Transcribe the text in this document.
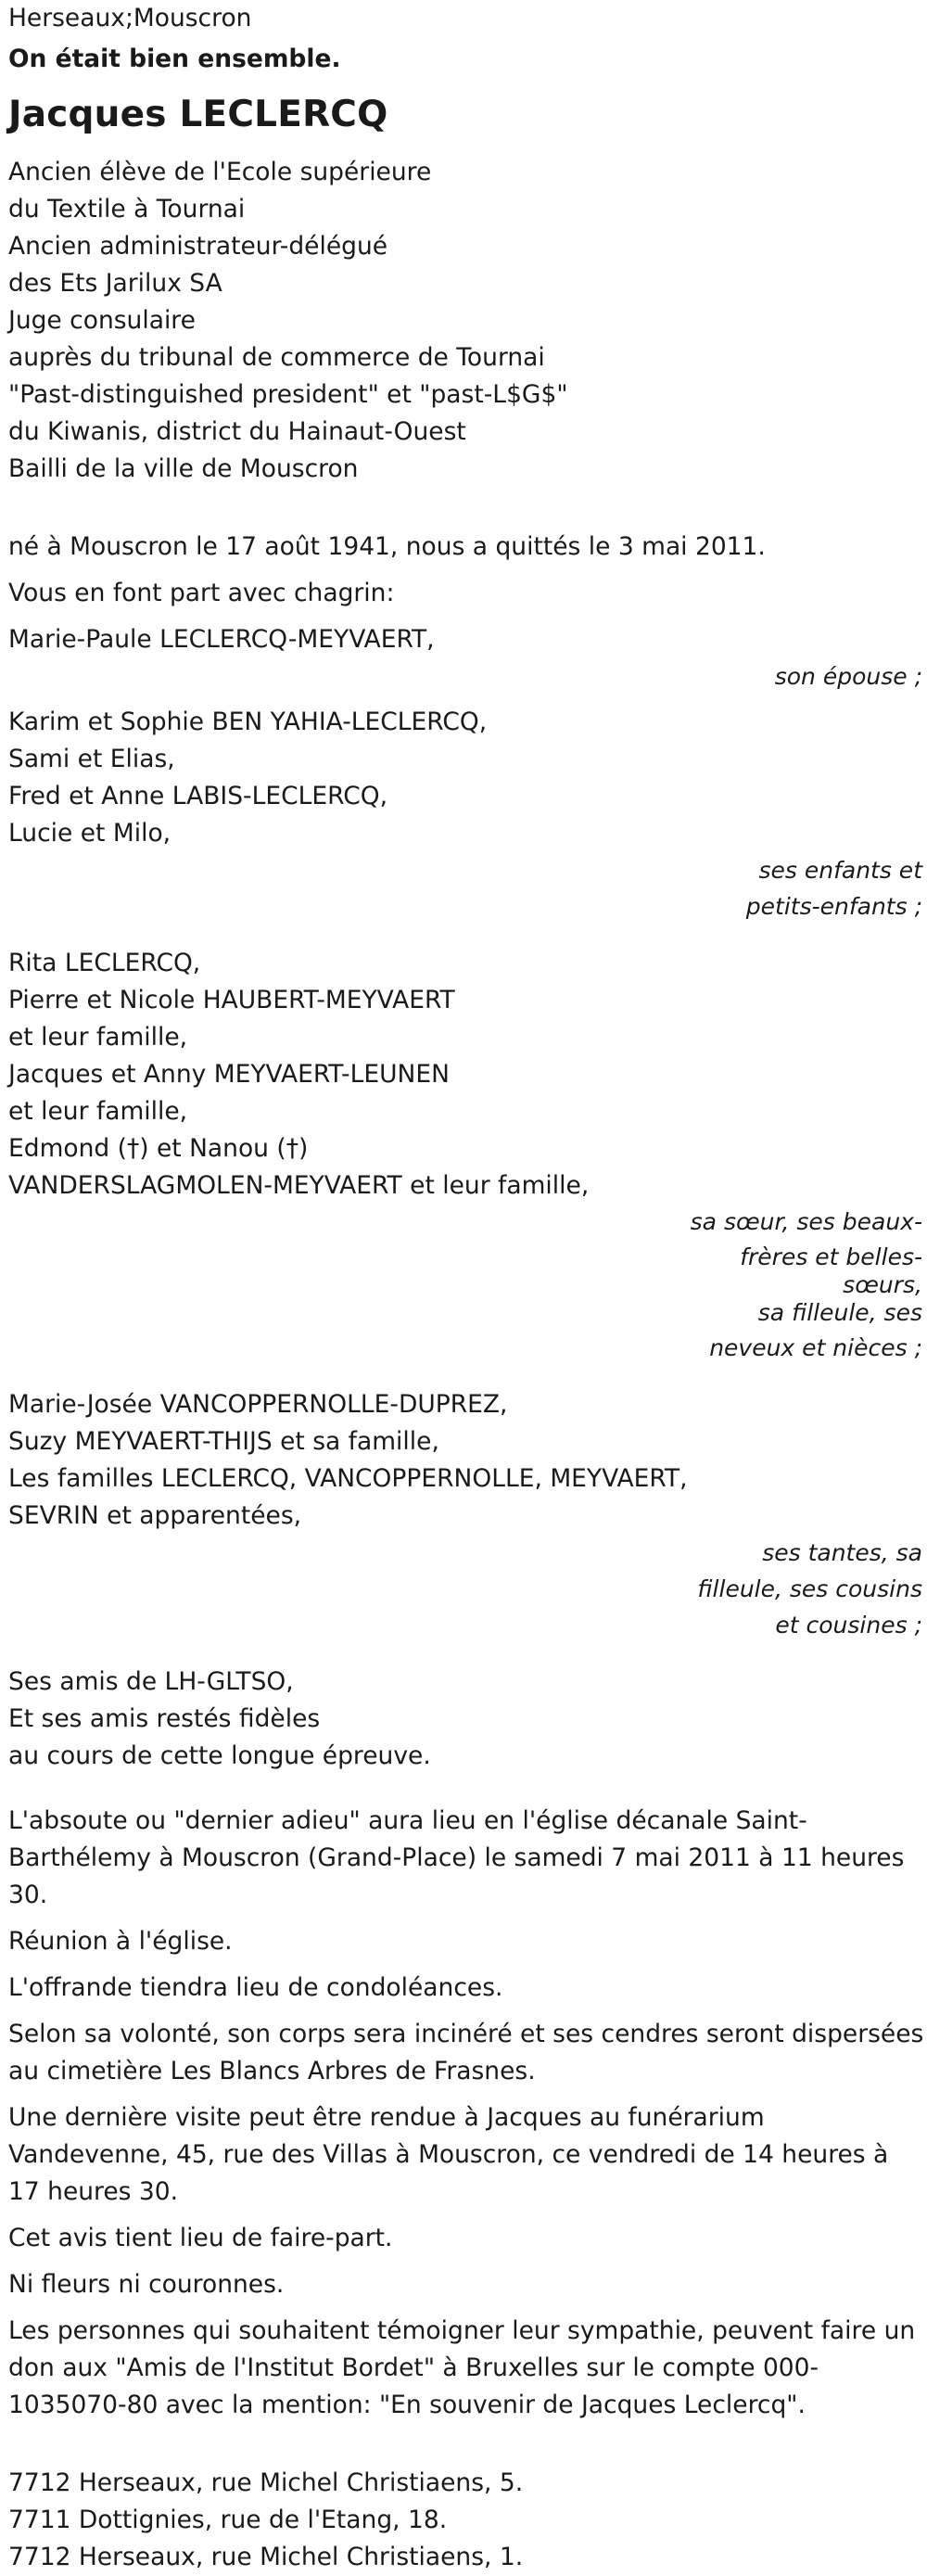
Herseaux;Mouscron
On était bien ensemble.
Jacques LECLERCQ
Ancien élève de l'Ecole supérieure
du Textile à Tournai
Ancien administrateur-délégué
des Ets Jarilux SA
Juge consulaire
auprès du tribunal de commerce de Tournai
"Past-distinguished president" et "past-L$G$"
du Kiwanis, district du Hainaut-Ouest
Bailli de la ville de Mouscron
né à Mouscron le 17 août 1941, nous a quittés le 3 mai 2011.
Vous en font part avec chagrin:
Marie-Paule LECLERCQ-MEYVAERT,
son épouse ;
Karim et Sophie BEN YAHIA-LECLERCQ,
Sami et Elias,
Fred et Anne LABIS-LECLERCQ,
Lucie et Milo,
ses enfants et
petits-enfants ;
Rita LECLERCQ,
Pierre et Nicole HAUBERT-MEYVAERT
et leur famille,
Jacques et Anny MEYVAERT-LEUNEN
et leur famille,
Edmond (†) et Nanou (†)
VANDERSLAGMOLEN-MEYVAERT et leur famille,
sa sœur, ses beaux-
frères et belles-
sœurs,
sa filleule, ses
neveux et nièces ;
Marie-Josée VANCOPPERNOLLE-DUPREZ,
Suzy MEYVAERT-THIJS et sa famille,
Les familles LECLERCQ, VANCOPPERNOLLE, MEYVAERT,
SEVRIN et apparentées,
ses tantes, sa
filleule, ses cousins
et cousines ;
Ses amis de LH-GLTSO,
Et ses amis restés fidèles
au cours de cette longue épreuve.
L'absoute ou "dernier adieu" aura lieu en l'église décanale Saint-Barthélemy à Mouscron (Grand-Place) le samedi 7 mai 2011 à 11 heures 30.
Réunion à l'église.
L'offrande tiendra lieu de condoléances.
Selon sa volonté, son corps sera incinéré et ses cendres seront dispersées au cimetière Les Blancs Arbres de Frasnes.
Une dernière visite peut être rendue à Jacques au funérarium Vandevenne, 45, rue des Villas à Mouscron, ce vendredi de 14 heures à 17 heures 30.
Cet avis tient lieu de faire-part.
Ni fleurs ni couronnes.
Les personnes qui souhaitent témoigner leur sympathie, peuvent faire un don aux "Amis de l'Institut Bordet" à Bruxelles sur le compte 000-1035070-80 avec la mention: "En souvenir de Jacques Leclercq".
7712 Herseaux, rue Michel Christiaens, 5.
7711 Dottignies, rue de l'Etang, 18.
7712 Herseaux, rue Michel Christiaens, 1.
